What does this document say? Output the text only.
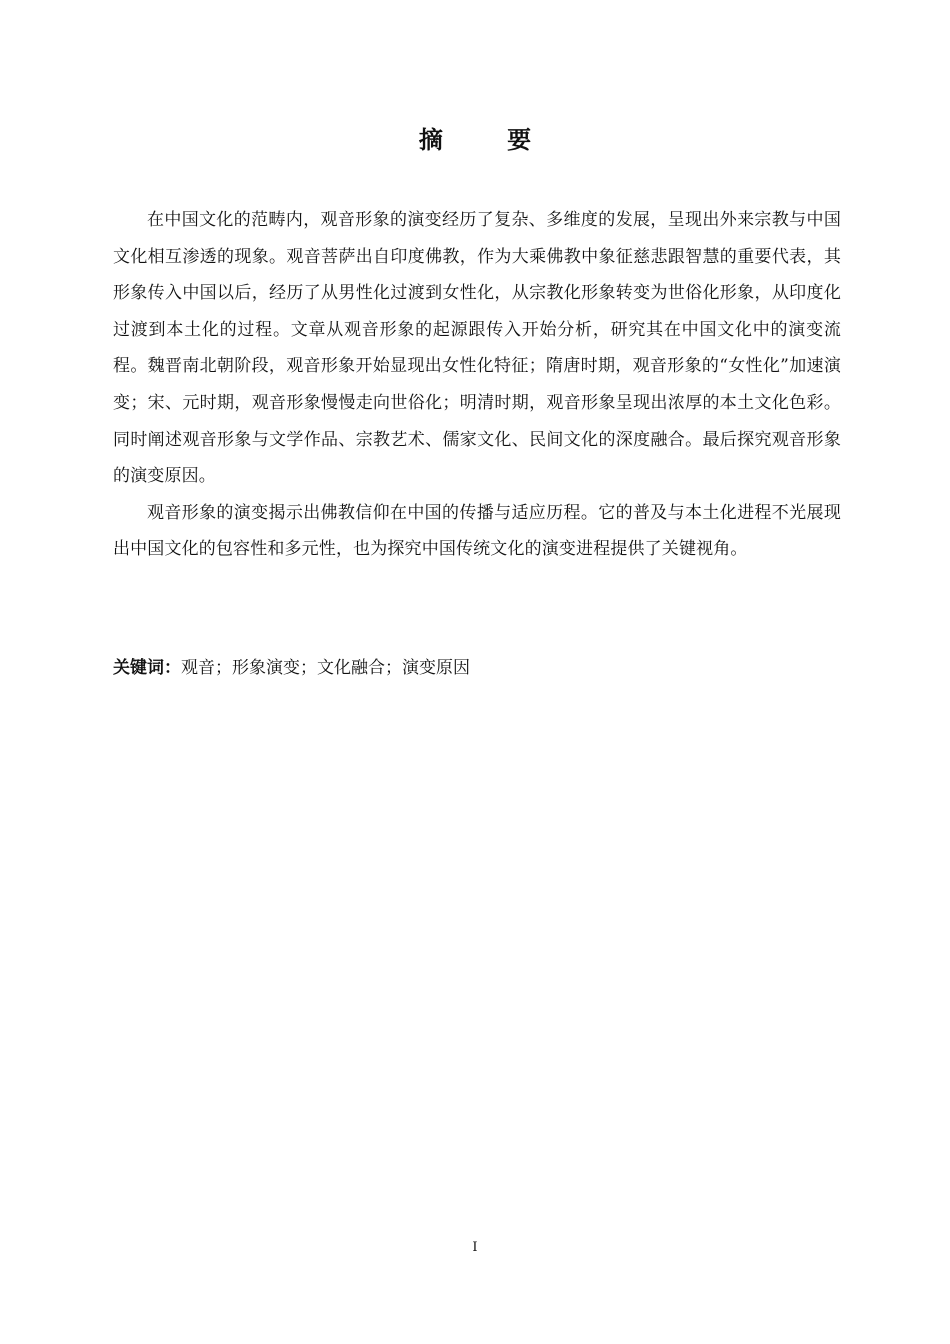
摘 要

在中国文化的范畴内，观音形象的演变经历了复杂、多维度的发展，呈现出外来宗教与中国文化相互渗透的现象。观音菩萨出自印度佛教，作为大乘佛教中象征慈悲跟智慧的重要代表，其形象传入中国以后，经历了从男性化过渡到女性化，从宗教化形象转变为世俗化形象，从印度化过渡到本土化的过程。文章从观音形象的起源跟传入开始分析，研究其在中国文化中的演变流程。魏晋南北朝阶段，观音形象开始显现出女性化特征；隋唐时期，观音形象的“女性化”加速演变；宋、元时期，观音形象慢慢走向世俗化；明清时期，观音形象呈现出浓厚的本土文化色彩。同时阐述观音形象与文学作品、宗教艺术、儒家文化、民间文化的深度融合。最后探究观音形象的演变原因。

观音形象的演变揭示出佛教信仰在中国的传播与适应历程。它的普及与本土化进程不光展现出中国文化的包容性和多元性，也为探究中国传统文化的演变进程提供了关键视角。

关键词：观音；形象演变；文化融合；演变原因
I
